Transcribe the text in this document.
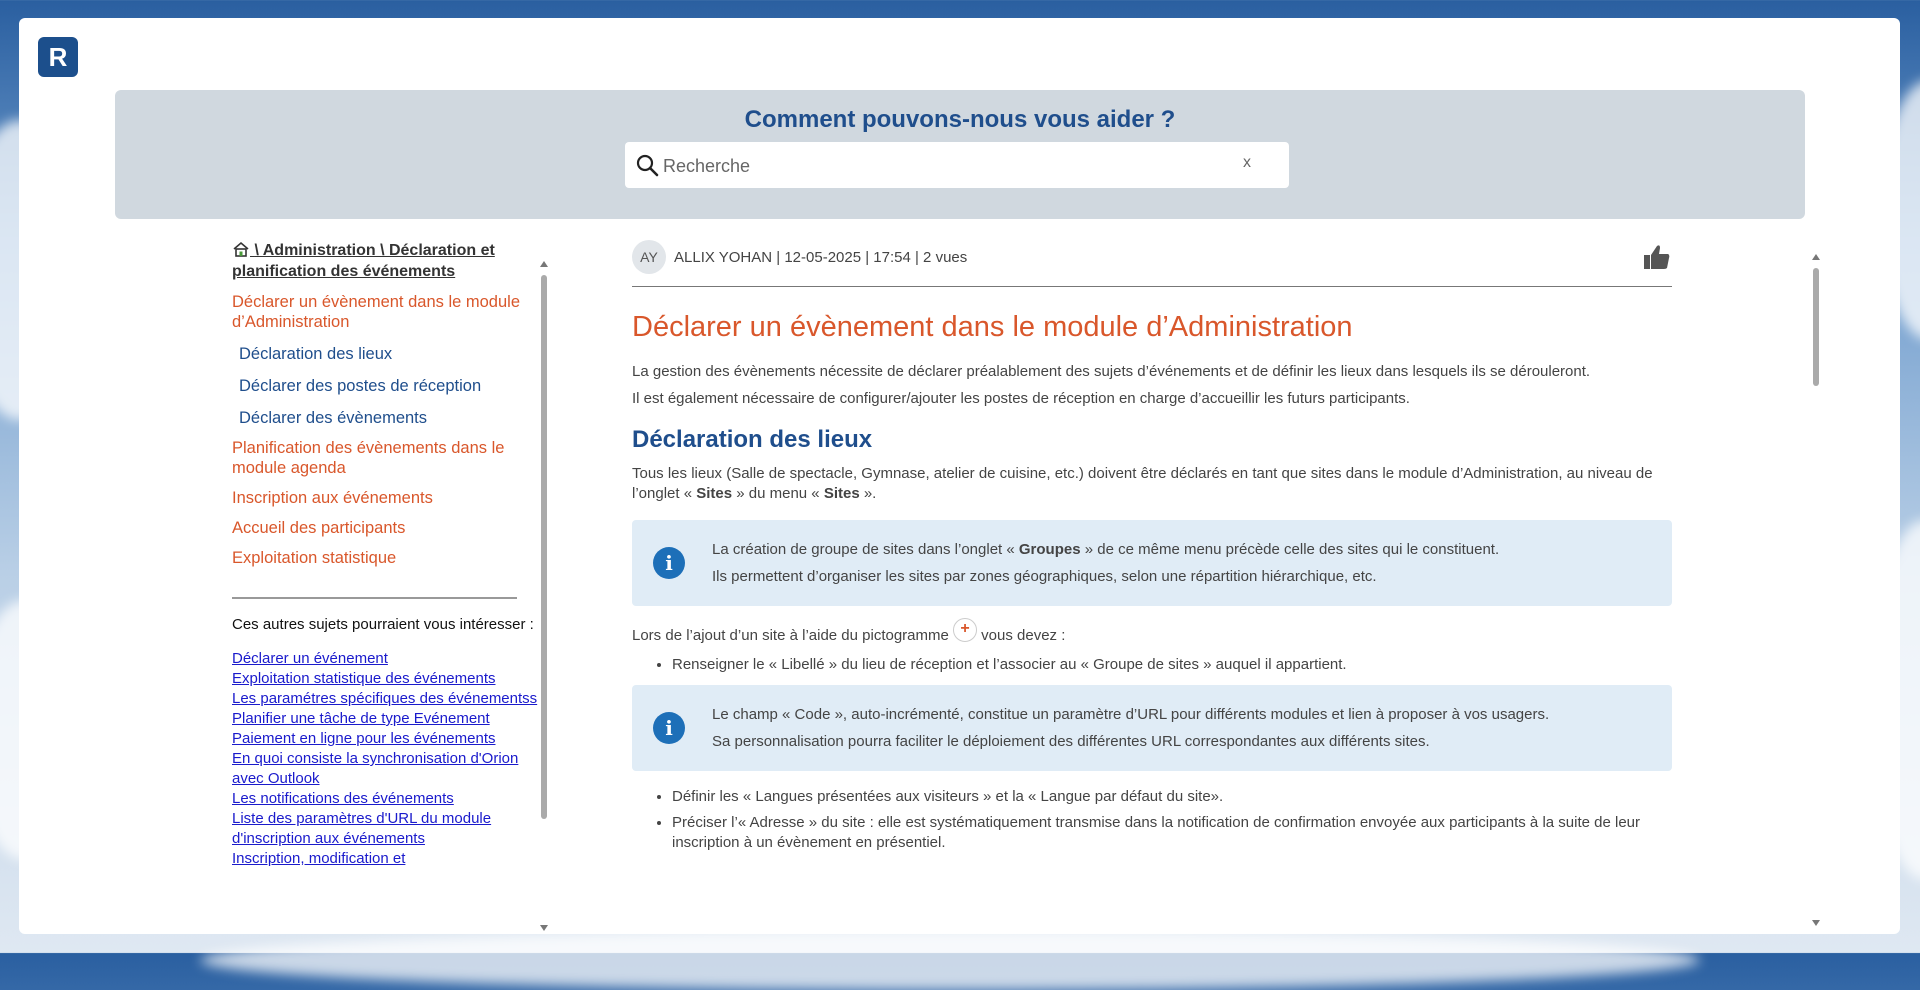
R
Comment pouvons-nous vous aider ?
Recherche
x
\ Administration \ Déclaration et planification des événements
Déclarer un évènement dans le module d’Administration
Déclaration des lieux
Déclarer des postes de réception
Déclarer des évènements
Planification des évènements dans le module agenda
Inscription aux événements
Accueil des participants
Exploitation statistique
Ces autres sujets pourraient vous intéresser :
Déclarer un événement
Exploitation statistique des événements
Les paramétres spécifiques des événementss
Planifier une tâche de type Evénement
Paiement en ligne pour les événements
En quoi consiste la synchronisation d'Orion avec Outlook
Les notifications des événements
Liste des paramètres d'URL du module d'inscription aux événements
Inscription, modification et
AY	ALLIX YOHAN | 12-05-2025 | 17:54 | 2 vues
Déclarer un évènement dans le module d’Administration

La gestion des évènements nécessite de déclarer préalablement des sujets d’événements et de définir les lieux dans lesquels ils se dérouleront.

Il est également nécessaire de configurer/ajouter les postes de réception en charge d’accueillir les futurs participants.

Déclaration des lieux

Tous les lieux (Salle de spectacle, Gymnase, atelier de cuisine, etc.) doivent être déclarés en tant que sites dans le module d’Administration, au niveau de l’onglet « Sites » du menu « Sites ».

i

La création de groupe de sites dans l’onglet « Groupes » de ce même menu précède celle des sites qui le constituent.

Ils permettent d’organiser les sites par zones géographiques, selon une répartition hiérarchique, etc.

Lors de l’ajout d’un site à l’aide du pictogramme + vous devez :

• Renseigner le « Libellé » du lieu de réception et l’associer au « Groupe de sites » auquel il appartient.
i

Le champ « Code », auto-incrémenté, constitue un paramètre d’URL pour différents modules et lien à proposer à vos usagers.

Sa personnalisation pourra faciliter le déploiement des différentes URL correspondantes aux différents sites.

• Définir les « Langues présentées aux visiteurs » et la « Langue par défaut du site».
• Préciser l’« Adresse » du site : elle est systématiquement transmise dans la notification de confirmation envoyée aux participants à la suite de leur inscription à un évènement en présentiel.
